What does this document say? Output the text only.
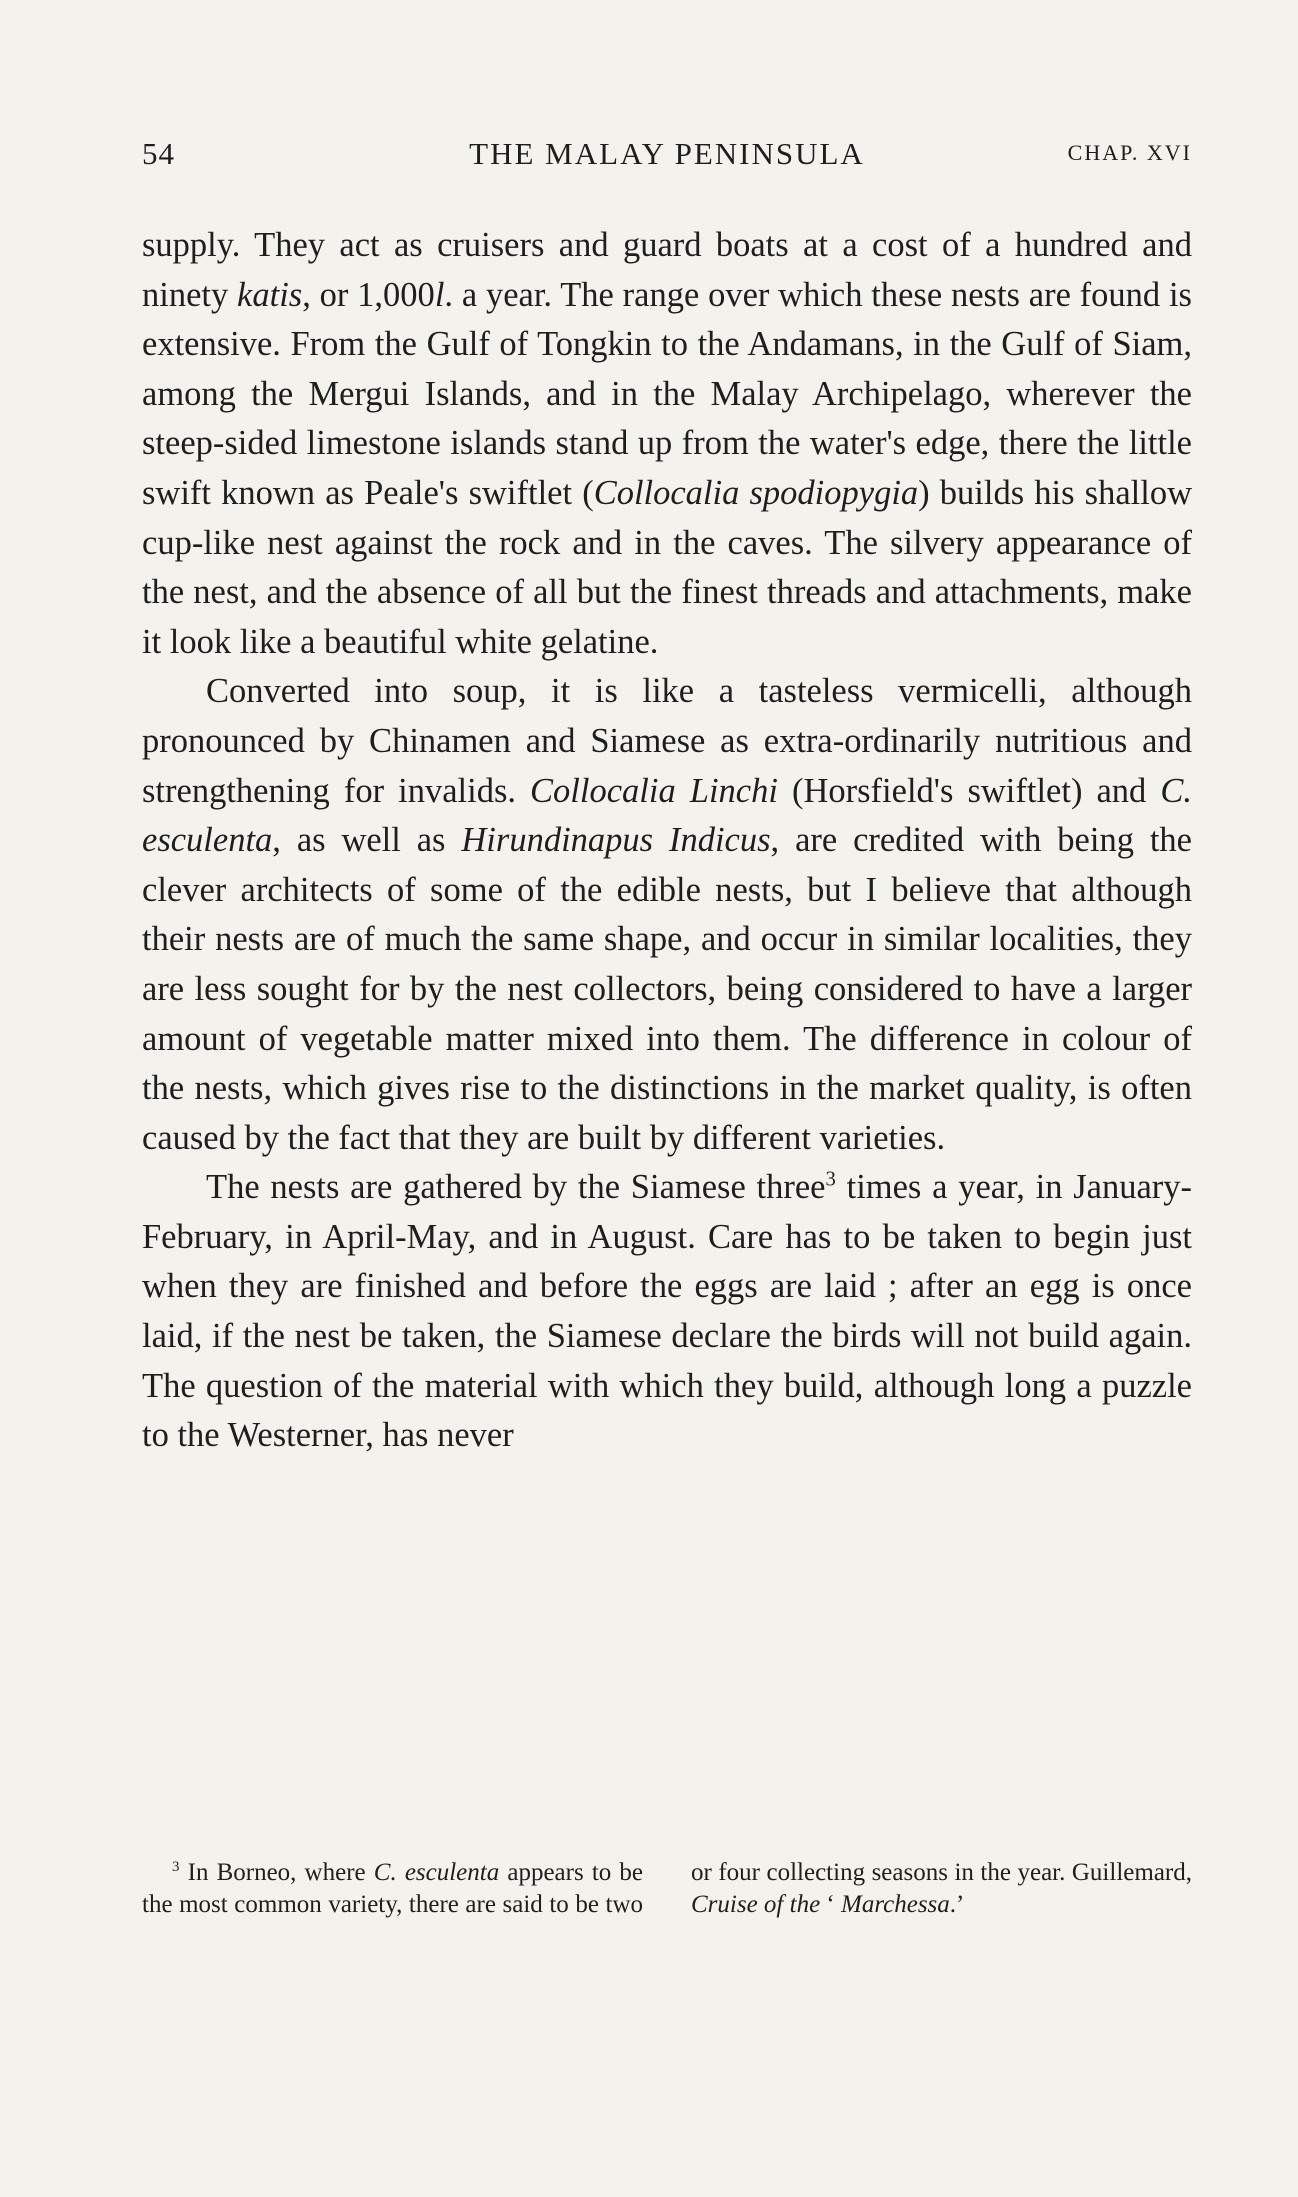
54	THE MALAY PENINSULA	CHAP. XVI

supply. They act as cruisers and guard boats at a cost of a hundred and ninety katis, or 1,000l. a year. The range over which these nests are found is extensive. From the Gulf of Tongkin to the Andamans, in the Gulf of Siam, among the Mergui Islands, and in the Malay Archipelago, wherever the steep-sided limestone islands stand up from the water's edge, there the little swift known as Peale's swiftlet (Collocalia spodiopygia) builds his shallow cup-like nest against the rock and in the caves. The silvery appearance of the nest, and the absence of all but the finest threads and attachments, make it look like a beautiful white gelatine.

Converted into soup, it is like a tasteless vermicelli, although pronounced by Chinamen and Siamese as extra-ordinarily nutritious and strengthening for invalids. Collocalia Linchi (Horsfield's swiftlet) and C. esculenta, as well as Hirundinapus Indicus, are credited with being the clever architects of some of the edible nests, but I believe that although their nests are of much the same shape, and occur in similar localities, they are less sought for by the nest collectors, being considered to have a larger amount of vegetable matter mixed into them. The difference in colour of the nests, which gives rise to the distinctions in the market quality, is often caused by the fact that they are built by different varieties.

The nests are gathered by the Siamese three$^3$ times a year, in January-February, in April-May, and in August. Care has to be taken to begin just when they are finished and before the eggs are laid ; after an egg is once laid, if the nest be taken, the Siamese declare the birds will not build again. The question of the material with which they build, although long a puzzle to the Westerner, has never

$^3$ In Borneo, where C. esculenta appears to be the most common variety, there are said to be two or four collecting seasons in the year. Guillemard, Cruise of the ‘ Marchessa.’
